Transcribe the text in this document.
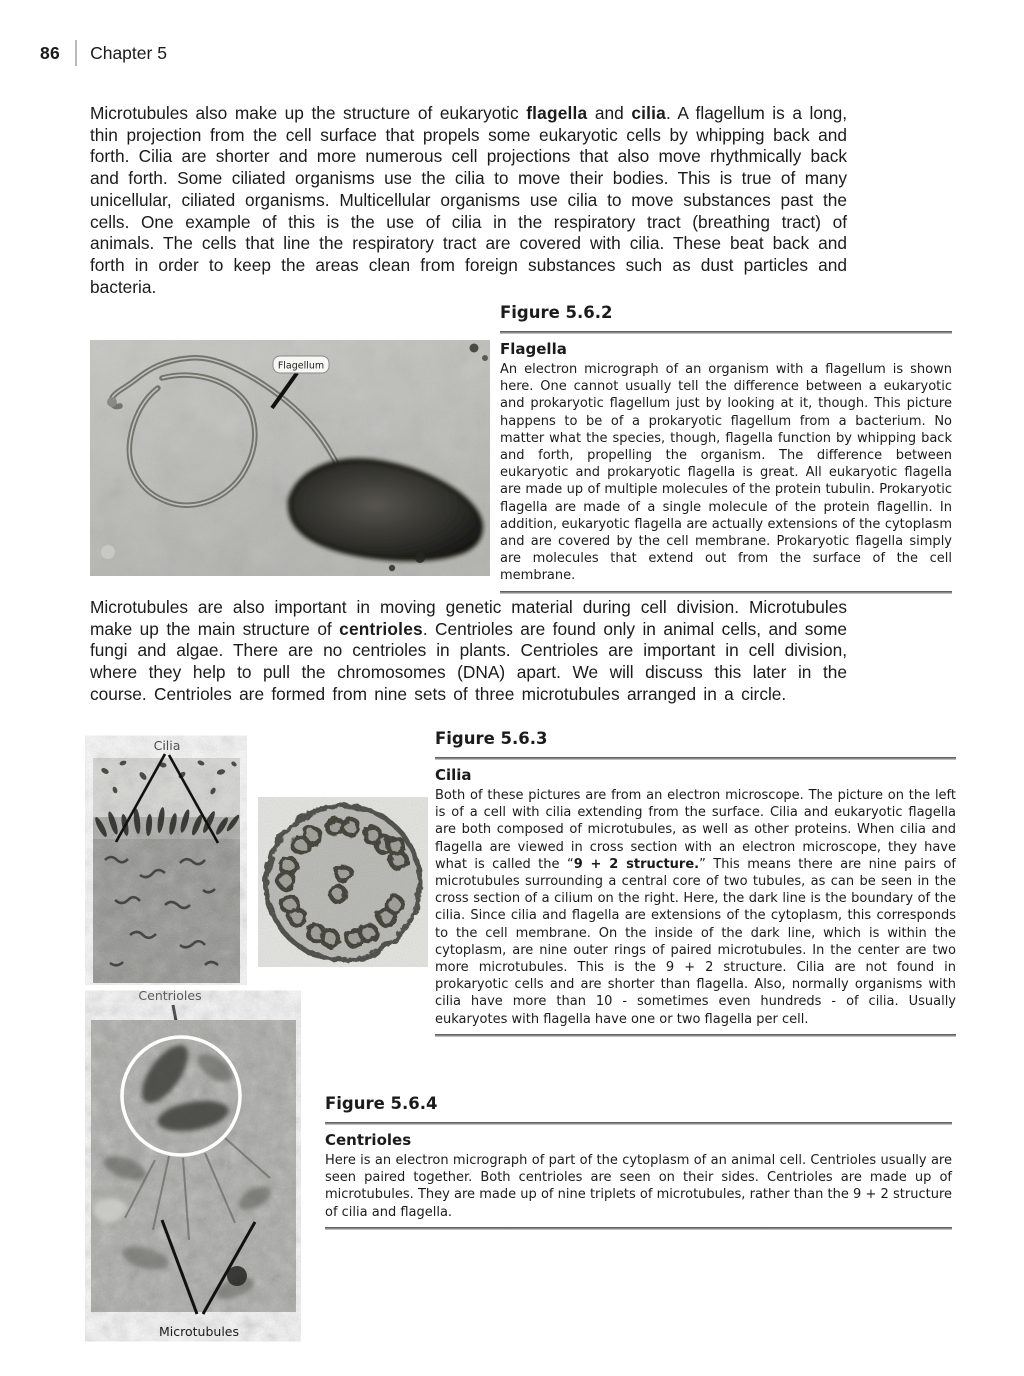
86 Chapter 5
Microtubules also make up the structure of eukaryotic flagella and cilia. A flagellum is a long, thin projection from the cell surface that propels some eukaryotic cells by whipping back and forth. Cilia are shorter and more numerous cell projections that also move rhythmically back and forth. Some ciliated organisms use the cilia to move their bodies. This is true of many unicellular, ciliated organisms. Multicellular organisms use cilia to move substances past the cells. One example of this is the use of cilia in the respiratory tract (breathing tract) of animals. The cells that line the respiratory tract are covered with cilia. These beat back and forth in order to keep the areas clean from foreign substances such as dust particles and bacteria.
Figure 5.6.2
Flagella

An electron micrograph of an organism with a flagellum is shown here. One cannot usually tell the difference between a eukaryotic and prokaryotic flagellum just by looking at it, though. This picture happens to be of a prokaryotic flagellum from a bacterium. No matter what the species, though, flagella function by whipping back and forth, propelling the organism. The difference between eukaryotic and prokaryotic flagella is great. All eukaryotic flagella are made up of multiple molecules of the protein tubulin. Prokaryotic flagella are made of a single molecule of the protein flagellin. In addition, eukaryotic flagella are actually extensions of the cytoplasm and are covered by the cell membrane. Prokaryotic flagella simply are molecules that extend out from the surface of the cell membrane.

Flagellum
Microtubules are also important in moving genetic material during cell division. Microtubules make up the main structure of centrioles. Centrioles are found only in animal cells, and some fungi and algae. There are no centrioles in plants. Centrioles are important in cell division, where they help to pull the chromosomes (DNA) apart. We will discuss this later in the course. Centrioles are formed from nine sets of three microtubules arranged in a circle.
Figure 5.6.3
Cilia

Both of these pictures are from an electron microscope. The picture on the left is of a cell with cilia extending from the surface. Cilia and eukaryotic flagella are both composed of microtubules, as well as other proteins. When cilia and flagella are viewed in cross section with an electron microscope, they have what is called the “9 + 2 structure.” This means there are nine pairs of microtubules surrounding a central core of two tubules, as can be seen in the cross section of a cilium on the right. Here, the dark line is the boundary of the cilia. Since cilia and flagella are extensions of the cytoplasm, this corresponds to the cell membrane. On the inside of the dark line, which is within the cytoplasm, are nine outer rings of paired microtubules. In the center are two more microtubules. This is the 9 + 2 structure. Cilia are not found in prokaryotic cells and are shorter than flagella. Also, normally organisms with cilia have more than 10 - sometimes even hundreds - of cilia. Usually eukaryotes with flagella have one or two flagella per cell.

Cilia
Centrioles
Microtubules
Figure 5.6.4
Centrioles

Here is an electron micrograph of part of the cytoplasm of an animal cell. Centrioles usually are seen paired together. Both centrioles are seen on their sides. Centrioles are made up of microtubules. They are made up of nine triplets of microtubules, rather than the 9 + 2 structure of cilia and flagella.
